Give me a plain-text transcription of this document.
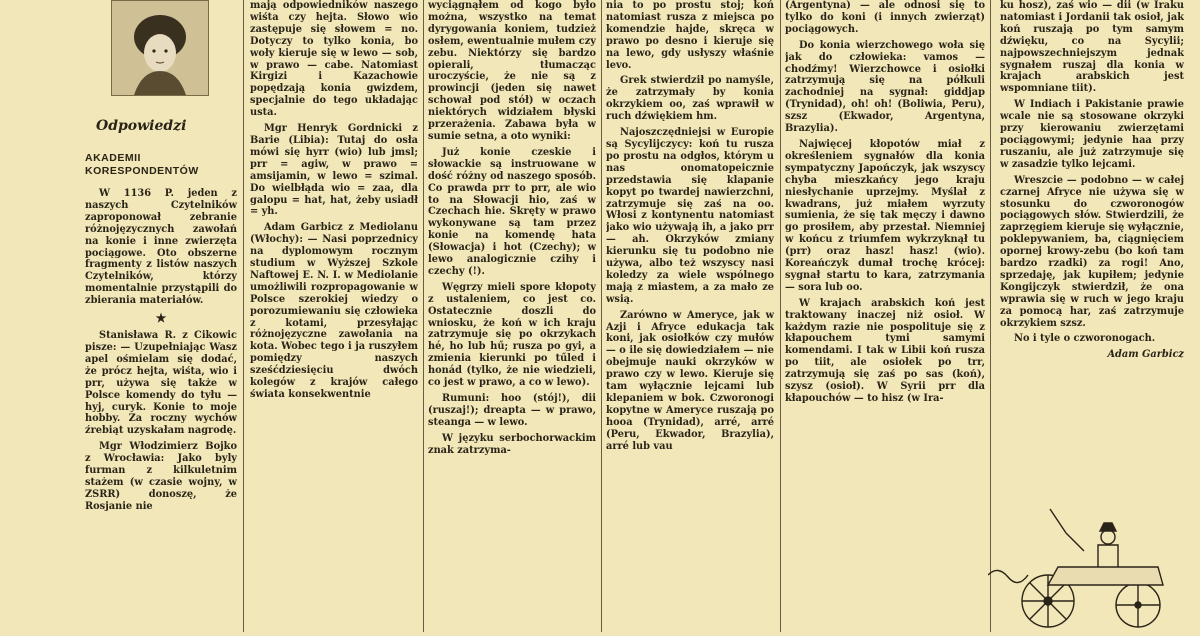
Odpowiedzi
AKADEMII
KORESPONDENTÓW

W 1136 P. jeden z naszych Czytelników zaproponował zebranie różnojęzycznych zawołań na konie i inne zwierzęta pociągowe. Oto obszerne fragmenty z listów naszych Czytelników, którzy momentalnie przystąpili do zbierania materiałów.

★

Stanisława R. z Cikowic pisze: — Uzupełniając Wasz apel ośmielam się dodać, że prócz hejta, wiśta, wio i prr, używa się także w Polsce komendy do tyłu — hyj, curyk. Konie to moje hobby. Za roczny wychów źrebiąt uzyskałam nagrodę.

Mgr Włodzimierz Bojko z Wrocławia: Jako byly furman z kilkuletnim stażem (w czasie wojny, w ZSRR) donoszę, że Rosjanie nie

mają odpowiedników naszego wiśta czy hejta. Słowo wio zastępuje się słowem = no. Dotyczy to tylko konia, bo woły kieruje się w lewo — sob, w prawo — cabe. Natomiast Kirgizi i Kazachowie popędzają konia gwizdem, specjalnie do tego układając usta.

Mgr Henryk Gordnicki z Barie (Libia): Tutaj do osła mówi się hyrr (wio) lub jmsl; prr = agiw, w prawo = amsijamin, w lewo = szimal. Do wielbłąda wio = zaa, dla galopu = hat, hat, żeby usiadł = yh.

Adam Garbicz z Mediolanu (Włochy): — Nasi poprzednicy na dyplomowym rocznym studium w Wyższej Szkole Naftowej E. N. I. w Mediolanie umożliwili rozpropagowanie w Polsce szerokiej wiedzy o porozumiewaniu się człowieka z kotami, przesyłając różnojęzyczne zawołania na kota. Wobec tego i ja ruszyłem pomiędzy naszych sześćdziesięciu dwóch kolegów z krajów całego świata konsekwentnie

wyciągnąłem od kogo było można, wszystko na temat dyrygowania koniem, tudzież osłem, ewentualnie mułem czy zebu. Niektórzy się bardzo opierali, tłumacząc uroczyście, że nie są z prowincji (jeden się nawet schował pod stół) w oczach niektórych widziałem błyski przerażenia. Zabawa była w sumie setna, a oto wyniki:

Już konie czeskie i słowackie są instruowane w dość różny od naszego sposób. Co prawda prr to prr, ale wio to na Słowacji hio, zaś w Czechach hie. Skręty w prawo wykonywane są tam przez konie na komendę hata (Słowacja) i hot (Czechy); w lewo analogicznie czihy i czechy (!).

Węgrzy mieli spore kłopoty z ustaleniem, co jest co. Ostatecznie doszli do wniosku, że koń w ich kraju zatrzymuje się po okrzykach hé, ho lub hű; rusza po gyi, a zmienia kierunki po tűled i honád (tylko, że nie wiedzieli, co jest w prawo, a co w lewo).

Rumuni: hoo (stój!), dii (ruszaj!); dreapta — w prawo, steanga — w lewo.

W języku serbochorwackim znak zatrzyma-

nia to po prostu stoj; koń natomiast rusza z miejsca po komendzie hajde, skręca w prawo po desno i kieruje się na lewo, gdy usłyszy właśnie levo.

Grek stwierdził po namyśle, że zatrzymały by konia okrzykiem oo, zaś wprawił w ruch dźwiękiem hm.

Najoszczędniejsi w Europie są Sycylijczycy: koń tu rusza po prostu na odgłos, którym u nas onomatopeicznie przedstawia się klapanie kopyt po twardej nawierzchni, zatrzymuje się zaś na oo. Włosi z kontynentu natomiast jako wio używają ih, a jako prr — ah. Okrzyków zmiany kierunku się tu podobno nie używa, albo też wszyscy nasi koledzy za wiele wspólnego mają z miastem, a za mało ze wsią.

Zarówno w Ameryce, jak w Azji i Afryce edukacja tak koni, jak osiołków czy mułów — o ile się dowiedziałem — nie obejmuje nauki okrzyków w prawo czy w lewo. Kieruje się tam wyłącznie lejcami lub klepaniem w bok. Czworonogi kopytne w Ameryce ruszają po hooa (Trynidad), arré, arré (Peru, Ekwador, Brazylia), arré lub vau

(Argentyna) — ale odnosi się to tylko do koni (i innych zwierząt) pociągowych.

Do konia wierzchowego woła się jak do człowieka: vamos — chodźmy! Wierzchowce i osiołki zatrzymują się na półkuli zachodniej na sygnał: giddjap (Trynidad), oh! oh! (Boliwia, Peru), szsz (Ekwador, Argentyna, Brazylia).

Najwięcej kłopotów miał z określeniem sygnałów dla konia sympatyczny Japończyk, jak wszyscy chyba mieszkańcy jego kraju niesłychanie uprzejmy. Myślał z kwadrans, już miałem wyrzuty sumienia, że się tak męczy i dawno go prosiłem, aby przestał. Niemniej w końcu z triumfem wykrzyknął tu (prr) oraz hasz! hasz! (wio). Koreańczyk dumał trochę krócej: sygnał startu to kara, zatrzymania — sora lub oo.

W krajach arabskich koń jest traktowany inaczej niż osioł. W każdym razie nie pospolituje się z kłapouchem tymi samymi komendami. I tak w Libii koń rusza po tiit, ale osiołek po trr, zatrzymują się zaś po sas (koń), szysz (osioł). W Syrii prr dla kłapouchów — to hisz (w Ira-

ku hosz), zaś wio — dii (w Iraku natomiast i Jordanii tak osioł, jak koń ruszają po tym samym dźwięku, co na Sycylii; najpowszechniejszym jednak sygnałem ruszaj dla konia w krajach arabskich jest wspomniane tiit).

W Indiach i Pakistanie prawie wcale nie są stosowane okrzyki przy kierowaniu zwierzętami pociągowymi; jedynie haa przy ruszaniu, ale już zatrzymuje się w zasadzie tylko lejcami.

Wreszcie — podobno — w całej czarnej Afryce nie używa się w stosunku do czworonogów pociągowych słów. Stwierdzili, że zaprzęgiem kieruje się wyłącznie, poklepywaniem, ba, ciągnięciem opornej krowy-zebu (bo koń tam bardzo rzadki) za rogi! Ano, sprzedaję, jak kupiłem; jedynie Kongijczyk stwierdził, że ona wprawia się w ruch w jego kraju za pomocą har, zaś zatrzymuje okrzykiem szsz.

No i tyle o czworonogach.

Adam Garbicz
